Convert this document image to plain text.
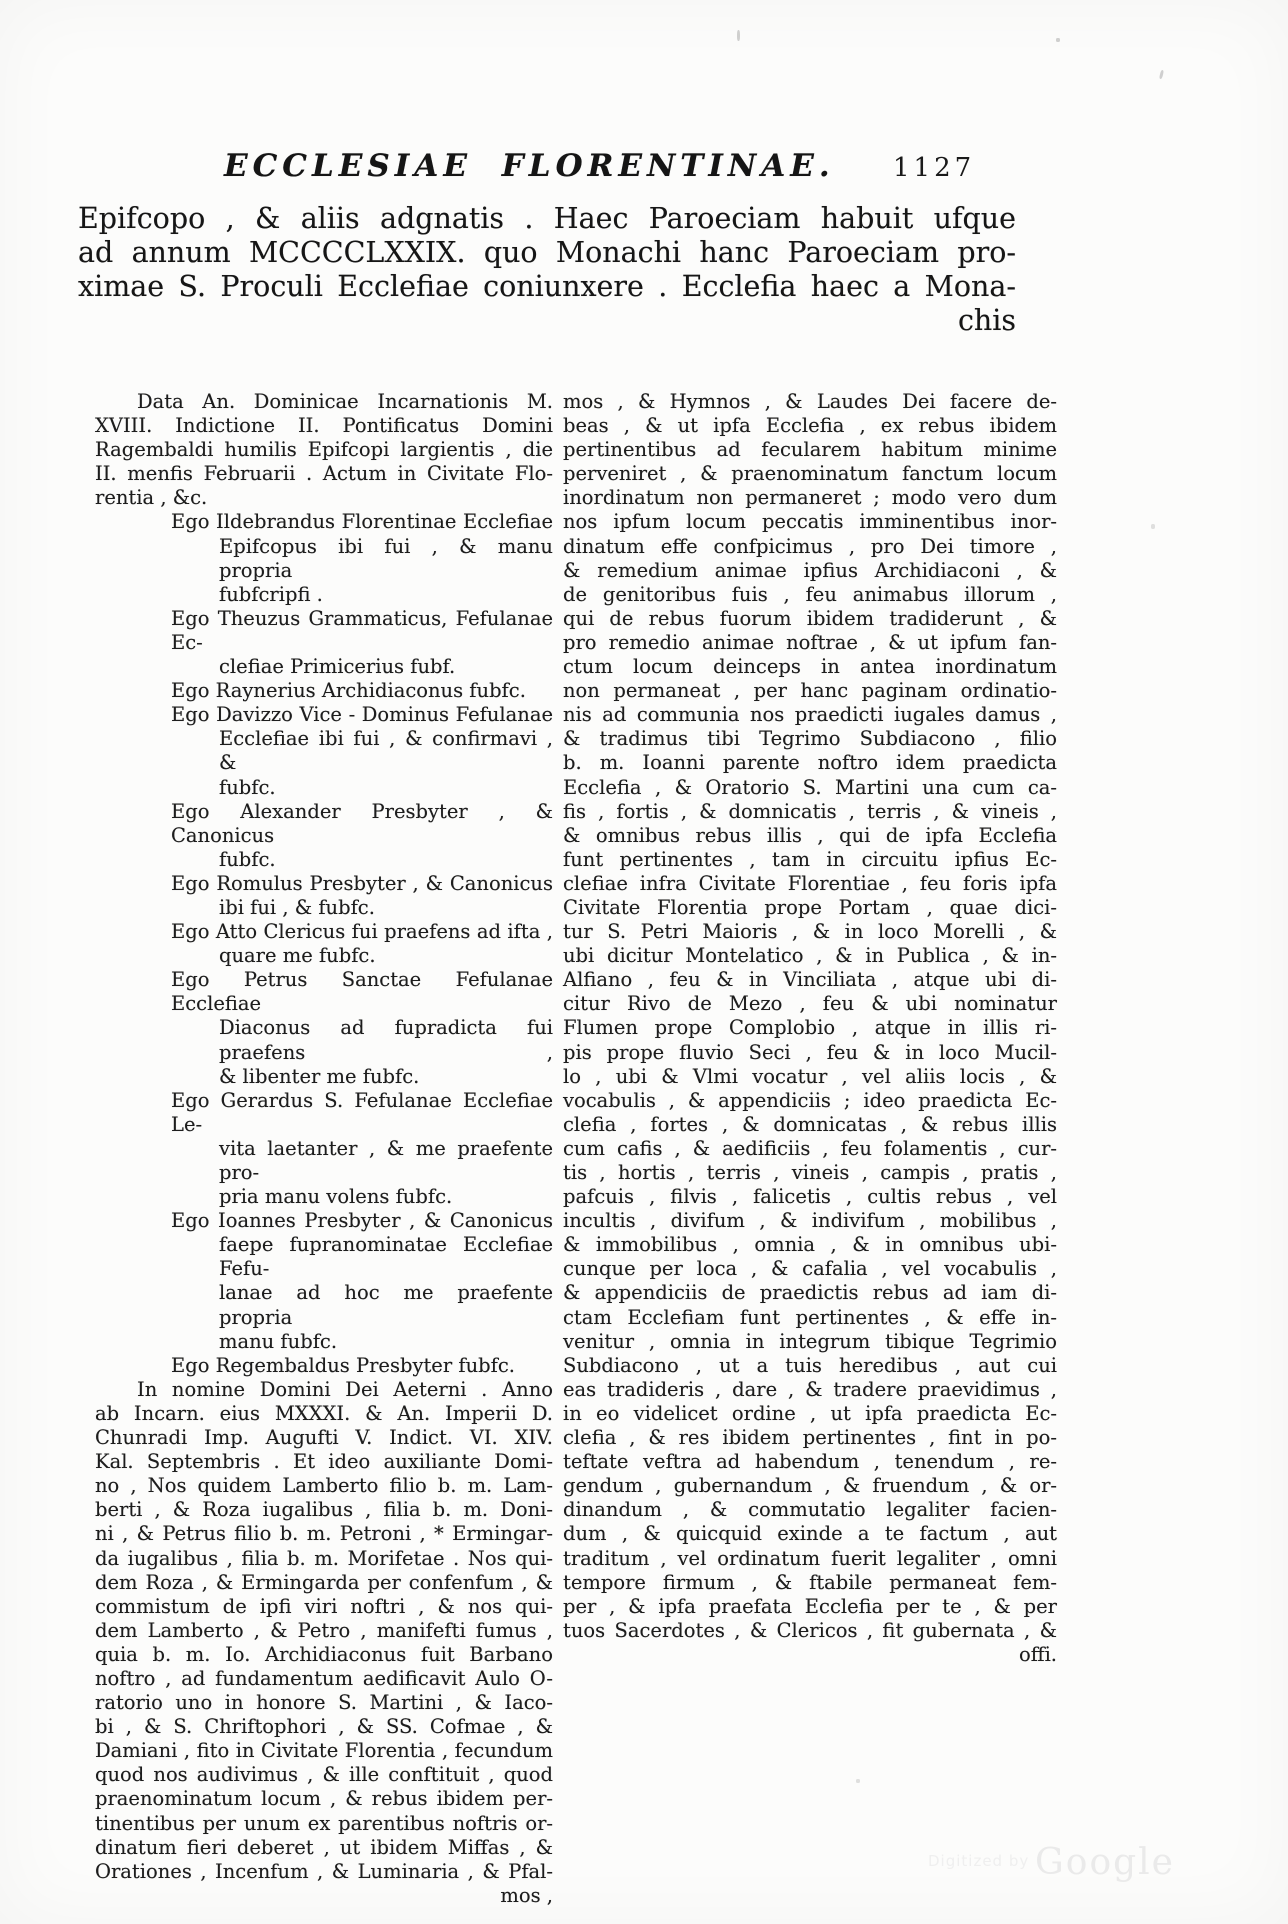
ECCLESIAE FLORENTINAE. 1127
Epifcopo , & aliis adgnatis . Haec Paroeciam habuit ufque
ad annum MCCCCLXXIX. quo Monachi hanc Paroeciam pro-
ximae S. Proculi Ecclefiae coniunxere . Ecclefia haec a Mona-
chis
Data An. Dominicae Incarnationis M.
XVIII. Indictione II. Pontificatus Domini
Ragembaldi humilis Epifcopi largientis , die
II. menfis Februarii . Actum in Civitate Flo-
rentia , &c.
Ego Ildebrandus Florentinae Ecclefiae
Epifcopus ibi fui , & manu propria
fubfcripfi .
Ego Theuzus Grammaticus, Fefulanae Ec-
clefiae Primicerius fubf.
Ego Raynerius Archidiaconus fubfc.
Ego Davizzo Vice - Dominus Fefulanae
Ecclefiae ibi fui , & confirmavi , &
fubfc.
Ego Alexander Presbyter , & Canonicus
fubfc.
Ego Romulus Presbyter , & Canonicus
ibi fui , & fubfc.
Ego Atto Clericus fui praefens ad ifta ,
quare me fubfc.
Ego Petrus Sanctae Fefulanae Ecclefiae
Diaconus ad fupradicta fui praefens ,
& libenter me fubfc.
Ego Gerardus S. Fefulanae Ecclefiae Le-
vita laetanter , & me praefente pro-
pria manu volens fubfc.
Ego Ioannes Presbyter , & Canonicus
faepe fupranominatae Ecclefiae Fefu-
lanae ad hoc me praefente propria
manu fubfc.
Ego Regembaldus Presbyter fubfc.
In nomine Domini Dei Aeterni . Anno
ab Incarn. eius MXXXI. & An. Imperii D.
Chunradi Imp. Augufti V. Indict. VI. XIV.
Kal. Septembris . Et ideo auxiliante Domi-
no , Nos quidem Lamberto filio b. m. Lam-
berti , & Roza iugalibus , filia b. m. Doni-
ni , & Petrus filio b. m. Petroni , * Ermingar-
da iugalibus , filia b. m. Morifetae . Nos qui-
dem Roza , & Ermingarda per confenfum , &
commistum de ipfi viri noftri , & nos qui-
dem Lamberto , & Petro , manifefti fumus ,
quia b. m. Io. Archidiaconus fuit Barbano
noftro , ad fundamentum aedificavit Aulo O-
ratorio uno in honore S. Martini , & Iaco-
bi , & S. Chriftophori , & SS. Cofmae , &
Damiani , fito in Civitate Florentia , fecundum
quod nos audivimus , & ille conftituit , quod
praenominatum locum , & rebus ibidem per-
tinentibus per unum ex parentibus noftris or-
dinatum fieri deberet , ut ibidem Miffas , &
Orationes , Incenfum , & Luminaria , & Pfal-
mos ,
mos , & Hymnos , & Laudes Dei facere de-
beas , & ut ipfa Ecclefia , ex rebus ibidem
pertinentibus ad fecularem habitum minime
perveniret , & praenominatum fanctum locum
inordinatum non permaneret ; modo vero dum
nos ipfum locum peccatis imminentibus inor-
dinatum effe confpicimus , pro Dei timore ,
& remedium animae ipfius Archidiaconi , &
de genitoribus fuis , feu animabus illorum ,
qui de rebus fuorum ibidem tradiderunt , &
pro remedio animae noftrae , & ut ipfum fan-
ctum locum deinceps in antea inordinatum
non permaneat , per hanc paginam ordinatio-
nis ad communia nos praedicti iugales damus ,
& tradimus tibi Tegrimo Subdiacono , filio
b. m. Ioanni parente noftro idem praedicta
Ecclefia , & Oratorio S. Martini una cum ca-
fis , fortis , & domnicatis , terris , & vineis ,
& omnibus rebus illis , qui de ipfa Ecclefia
funt pertinentes , tam in circuitu ipfius Ec-
clefiae infra Civitate Florentiae , feu foris ipfa
Civitate Florentia prope Portam , quae dici-
tur S. Petri Maioris , & in loco Morelli , &
ubi dicitur Montelatico , & in Publica , & in-
Alfiano , feu & in Vinciliata , atque ubi di-
citur Rivo de Mezo , feu & ubi nominatur
Flumen prope Complobio , atque in illis ri-
pis prope fluvio Seci , feu & in loco Mucil-
lo , ubi & Vlmi vocatur , vel aliis locis , &
vocabulis , & appendiciis ; ideo praedicta Ec-
clefia , fortes , & domnicatas , & rebus illis
cum cafis , & aedificiis , feu folamentis , cur-
tis , hortis , terris , vineis , campis , pratis ,
pafcuis , filvis , falicetis , cultis rebus , vel
incultis , divifum , & indivifum , mobilibus ,
& immobilibus , omnia , & in omnibus ubi-
cunque per loca , & cafalia , vel vocabulis ,
& appendiciis de praedictis rebus ad iam di-
ctam Ecclefiam funt pertinentes , & effe in-
venitur , omnia in integrum tibique Tegrimio
Subdiacono , ut a tuis heredibus , aut cui
eas tradideris , dare , & tradere praevidimus ,
in eo videlicet ordine , ut ipfa praedicta Ec-
clefia , & res ibidem pertinentes , fint in po-
teftate veftra ad habendum , tenendum , re-
gendum , gubernandum , & fruendum , & or-
dinandum , & commutatio legaliter facien-
dum , & quicquid exinde a te factum , aut
traditum , vel ordinatum fuerit legaliter , omni
tempore firmum , & ftabile permaneat fem-
per , & ipfa praefata Ecclefia per te , & per
tuos Sacerdotes , & Clericos , fit gubernata , &
offi.
Digitized by Google
